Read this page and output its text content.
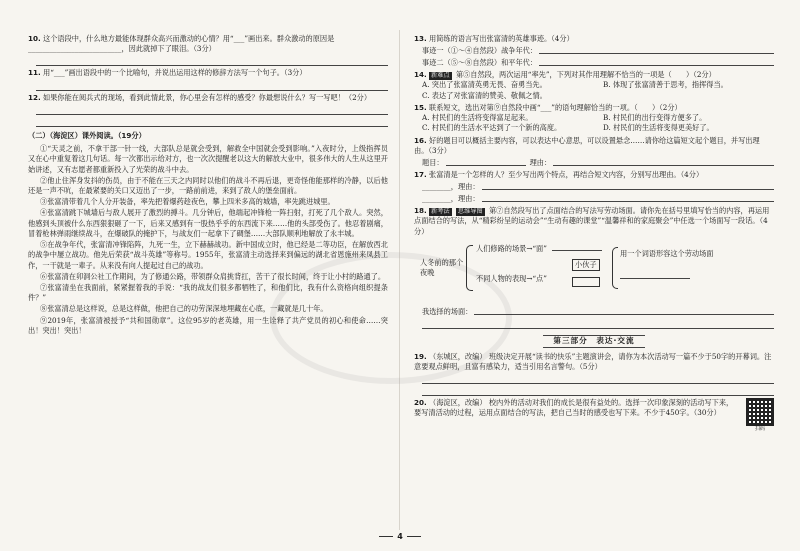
10. 这个语段中，什么地方最能体现群众高兴而激动的心情？用“___”画出来。群众激动的原因是__________________________，因此就掉下了眼泪。（3分）
11. 用“___”画出语段中的一个比喻句，并说出运用这样的修辞方法写一个句子。（3分）
12. 如果你能在阅兵式的现场，看到此情此景，你心里会有怎样的感受？你最想说什么？写一写吧！（2分）
（二）（海淀区）课外阅读。（19分）

①“天灵之前，不拿干部一针一线，大部队总是就会受到，解救全中国就会受到影响。”入夜时分，上级指挥员又在心中重复着这几句话。每一次都出示给对方，也一次次提醒老以这大的解放大业中，很多伟大的人生从这里开始讲述，又有志愿者都重新投入了光荣的战斗中去。

②他止住浑身发抖的伤员，由于不能在三天之内同时以他们的战斗不再后退，更奇怪他能那样的冷静，以后他还是一声不吭，在最紧要的关口又迈出了一步，一路前前进，来到了敌人的堡垒面前。

③张富清带着几个人分开装备，率先把着爆药趁夜色，攀上四米多高的城墙，率先跳进城里。

④张富清跳下城墙后与敌人展开了激烈的搏斗。几分钟后，他端起冲锋枪一阵扫射，打死了几个敌人。突然，他感到头顶被什么东西狠狠砸了一下，后来又感到有一股热乎乎的东西流下来……他的头部受伤了。他忍着剧痛，冒着枪林弹雨继续战斗，在爆破队的掩护下，与战友们一起拿下了碉堡……大部队顺利地解放了永丰城。

⑤在战争年代，张富清冲锋陷阵，九死一生，立下赫赫战功。新中国成立时，他已经是二等功臣，在解放西北的战争中屡立战功。他先后荣获“战斗英雄”等称号。1955年，张富清主动选择来到偏远的湖北省恩施州来凤县工作，一干就是一辈子。从来没有向人提起过自己的战功。

⑥张富清在卯洞公社工作期间，为了修通公路，带领群众肩挑背扛，苦干了很长时间，终于让小村的路通了。

⑦张富清坐在我面前，紧紧握着我的手说：“我的战友们很多都牺牲了，和他们比，我有什么资格向组织提条件？”

⑧张富清总是这样说，总是这样做，他把自己的功劳深深地埋藏在心底，一藏就是几十年。

⑨2019年，张富清被授予“共和国勋章”。这位95岁的老英雄，用一生诠释了共产党员的初心和使命……突出！突出！突出！

13. 用简练的语言写出张富清的英雄事迹。（4分）
事迹一（①～④自然段）战争年代：
事迹二（⑤～⑧自然段）和平年代：
14. 新难点 第⑤自然段，两次运用“率先”，下列对其作用理解不恰当的一项是（　　）（2分）
A. 突出了张富清英勇无畏、奋勇当先。	B. 体现了张富清善于思考，指挥得当。
C. 表达了对张富清的赞美、敬佩之情。
15. 联系短文，选出对第⑨自然段中画“___”的语句理解恰当的一项。（　　）（2分）
A. 村民们的生活将变得富足起来。	B. 村民们的出行变得方便多了。
C. 村民们的生活水平达到了一个新的高度。	D. 村民们的生活将变得更美好了。
16. 好的题目可以概括主要内容，可以表达中心意思，可以设置悬念……请你给这篇短文起个题目，并写出理由。（3分）
题目：	理由：
17. 张富清是一个怎样的人？至少写出两个特点，再结合短文内容，分别写出理由。（4分）
________，理由：
________，理由：
18. 新考法 思维导图 第⑦自然段写出了点面结合的写法写劳动场面。请你先在括号里填写恰当的内容，再运用点面结合的写法，从“精彩纷呈的运动会”“生动有趣的课堂”“温馨祥和的家庭聚会”中任选一个场面写一段话。（4分）
人冬前的那个夜晚
人们修路的场景→“面”
不同人物的表现→“点”
小伙子
用一个词语形容这个劳动场面
我选择的场面：
第三部分　表达·交流
19. （东城区，改编） 班级决定开展“读书的快乐”主题演讲会，请你为本次活动写一篇不少于50字的开幕词。注意要观点鲜明，且富有感染力，适当引用名言警句。（5分）
20. （海淀区，改编） 校内外的活动对我们的成长是很有益处的。选择一次印象深刻的活动写下来，要写清活动的过程，运用点面结合的写法，把自己当时的感受也写下来。不少于450字。（30分）
扫码
4
